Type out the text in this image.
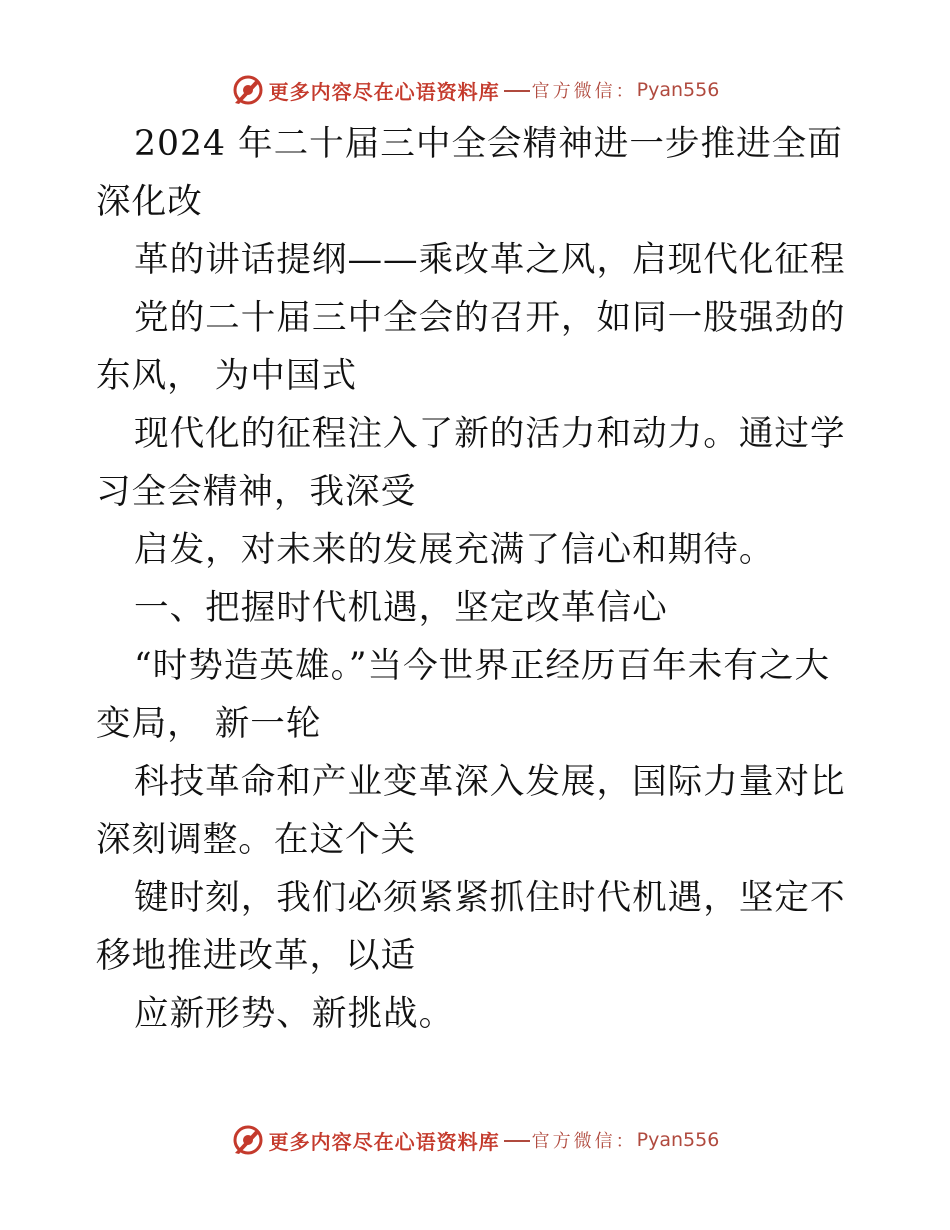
更多内容尽在心语资料库 官方微信： Pyan556

2024 年二十届三中全会精神进一步推进全面深化改

革的讲话提纲——乘改革之风，启现代化征程

党的二十届三中全会的召开，如同一股强劲的东风， 为中国式

现代化的征程注入了新的活力和动力。通过学习全会精神，我深受

启发，对未来的发展充满了信心和期待。

一、把握时代机遇，坚定改革信心

“时势造英雄。”当今世界正经历百年未有之大变局， 新一轮

科技革命和产业变革深入发展，国际力量对比深刻调整。在这个关

键时刻，我们必须紧紧抓住时代机遇，坚定不移地推进改革，以适

应新形势、新挑战。

更多内容尽在心语资料库 官方微信： Pyan556
